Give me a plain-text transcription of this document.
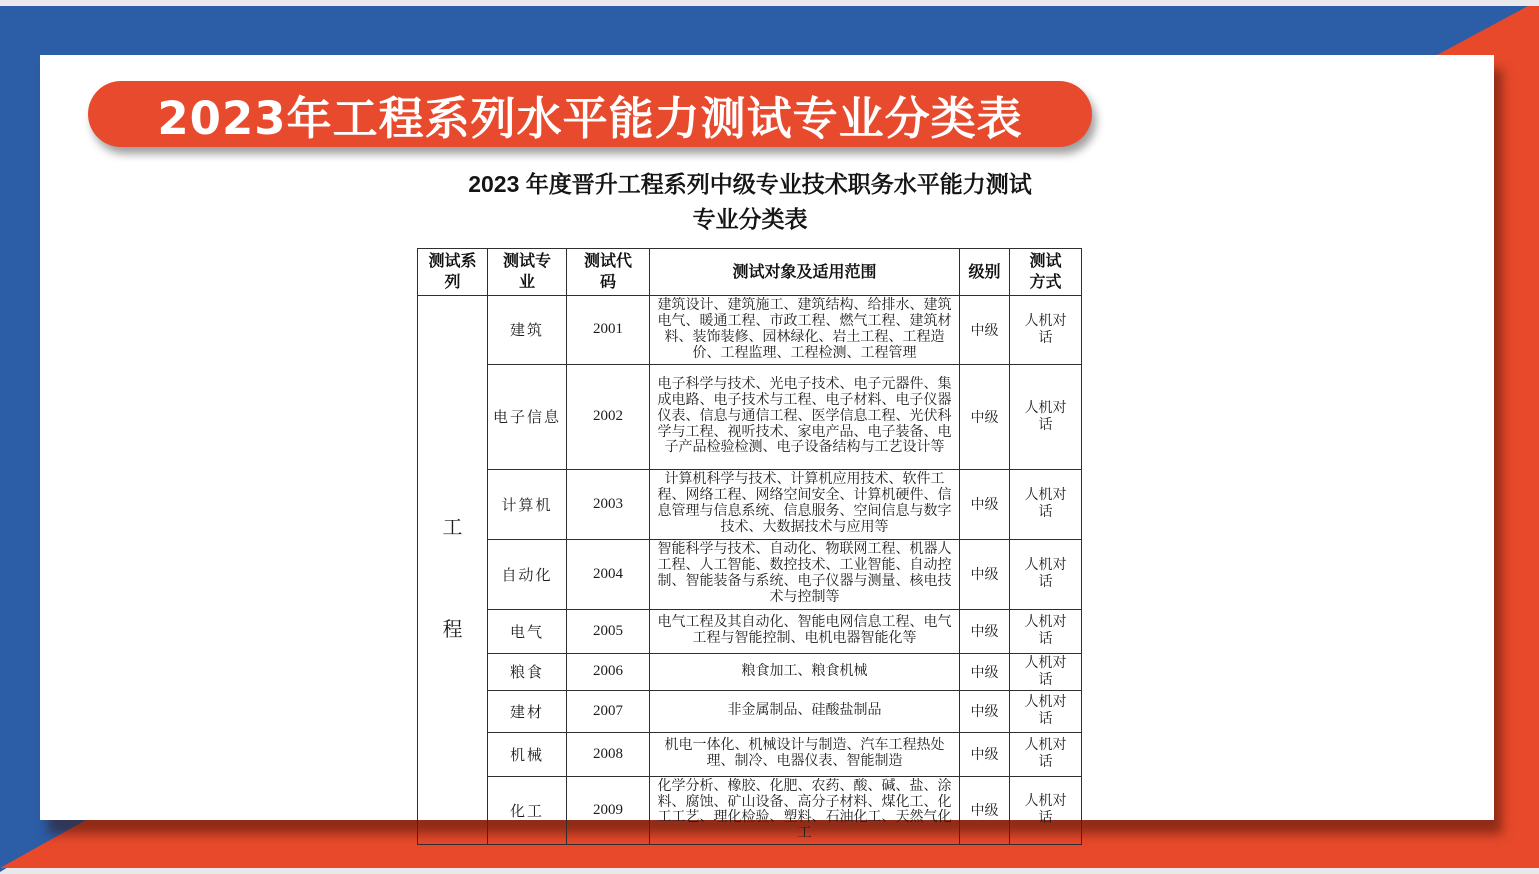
2023年工程系列水平能力测试专业分类表
2023 年度晋升工程系列中级专业技术职务水平能力测试
专业分类表
测试系列	测试专业	测试代码	测试对象及适用范围	级别	测试方式

工
程	建筑	2001	建筑设计、建筑施工、建筑结构、给排水、建筑电气、暖通工程、市政工程、燃气工程、建筑材料、装饰装修、园林绿化、岩土工程、工程造价、工程监理、工程检测、工程管理	中级	人机对话
	电子信息	2002	电子科学与技术、光电子技术、电子元器件、集成电路、电子技术与工程、电子材料、电子仪器仪表、信息与通信工程、医学信息工程、光伏科学与工程、视听技术、家电产品、电子装备、电子产品检验检测、电子设备结构与工艺设计等	中级	人机对话
	计算机	2003	计算机科学与技术、计算机应用技术、软件工程、网络工程、网络空间安全、计算机硬件、信息管理与信息系统、信息服务、空间信息与数字技术、大数据技术与应用等	中级	人机对话
	自动化	2004	智能科学与技术、自动化、物联网工程、机器人工程、人工智能、数控技术、工业智能、自动控制、智能装备与系统、电子仪器与测量、核电技术与控制等	中级	人机对话
	电气	2005	电气工程及其自动化、智能电网信息工程、电气工程与智能控制、电机电器智能化等	中级	人机对话
	粮食	2006	粮食加工、粮食机械	中级	人机对话
	建材	2007	非金属制品、硅酸盐制品	中级	人机对话
	机械	2008	机电一体化、机械设计与制造、汽车工程热处理、制冷、电器仪表、智能制造	中级	人机对话
	化工	2009	化学分析、橡胶、化肥、农药、酸、碱、盐、涂料、腐蚀、矿山设备、高分子材料、煤化工、化工工艺、理化检验、塑料、石油化工、天然气化工	中级	人机对话
